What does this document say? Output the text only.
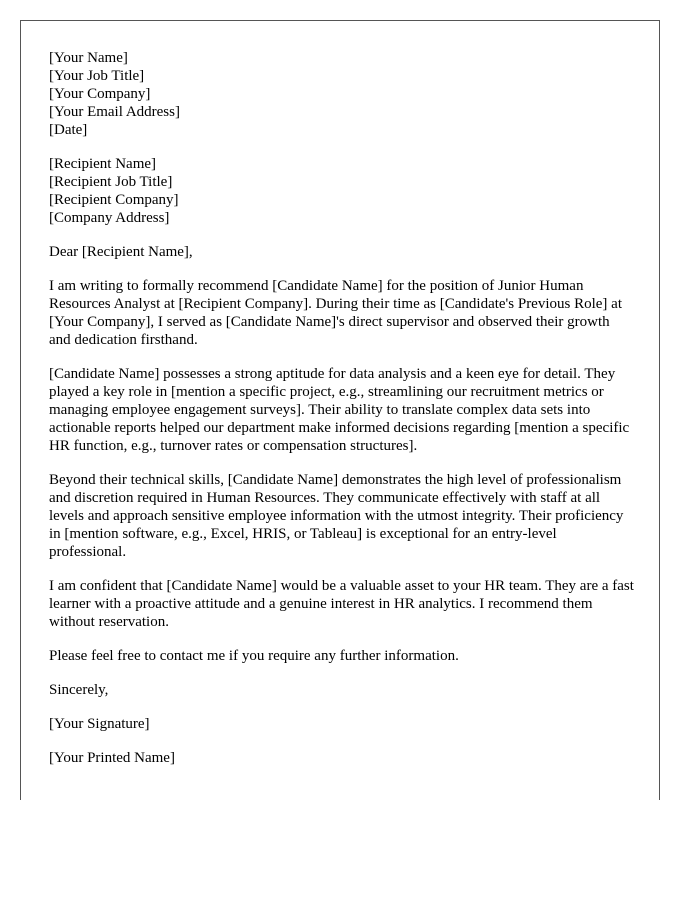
[Your Name]
[Your Job Title]
[Your Company]
[Your Email Address]
[Date]
[Recipient Name]
[Recipient Job Title]
[Recipient Company]
[Company Address]

Dear [Recipient Name],

I am writing to formally recommend [Candidate Name] for the position of Junior Human Resources Analyst at [Recipient Company]. During their time as [Candidate's Previous Role] at [Your Company], I served as [Candidate Name]'s direct supervisor and observed their growth and dedication firsthand.

[Candidate Name] possesses a strong aptitude for data analysis and a keen eye for detail. They played a key role in [mention a specific project, e.g., streamlining our recruitment metrics or managing employee engagement surveys]. Their ability to translate complex data sets into actionable reports helped our department make informed decisions regarding [mention a specific HR function, e.g., turnover rates or compensation structures].

Beyond their technical skills, [Candidate Name] demonstrates the high level of professionalism and discretion required in Human Resources. They communicate effectively with staff at all levels and approach sensitive employee information with the utmost integrity. Their proficiency in [mention software, e.g., Excel, HRIS, or Tableau] is exceptional for an entry-level professional.

I am confident that [Candidate Name] would be a valuable asset to your HR team. They are a fast learner with a proactive attitude and a genuine interest in HR analytics. I recommend them without reservation.

Please feel free to contact me if you require any further information.

Sincerely,

[Your Signature]

[Your Printed Name]
